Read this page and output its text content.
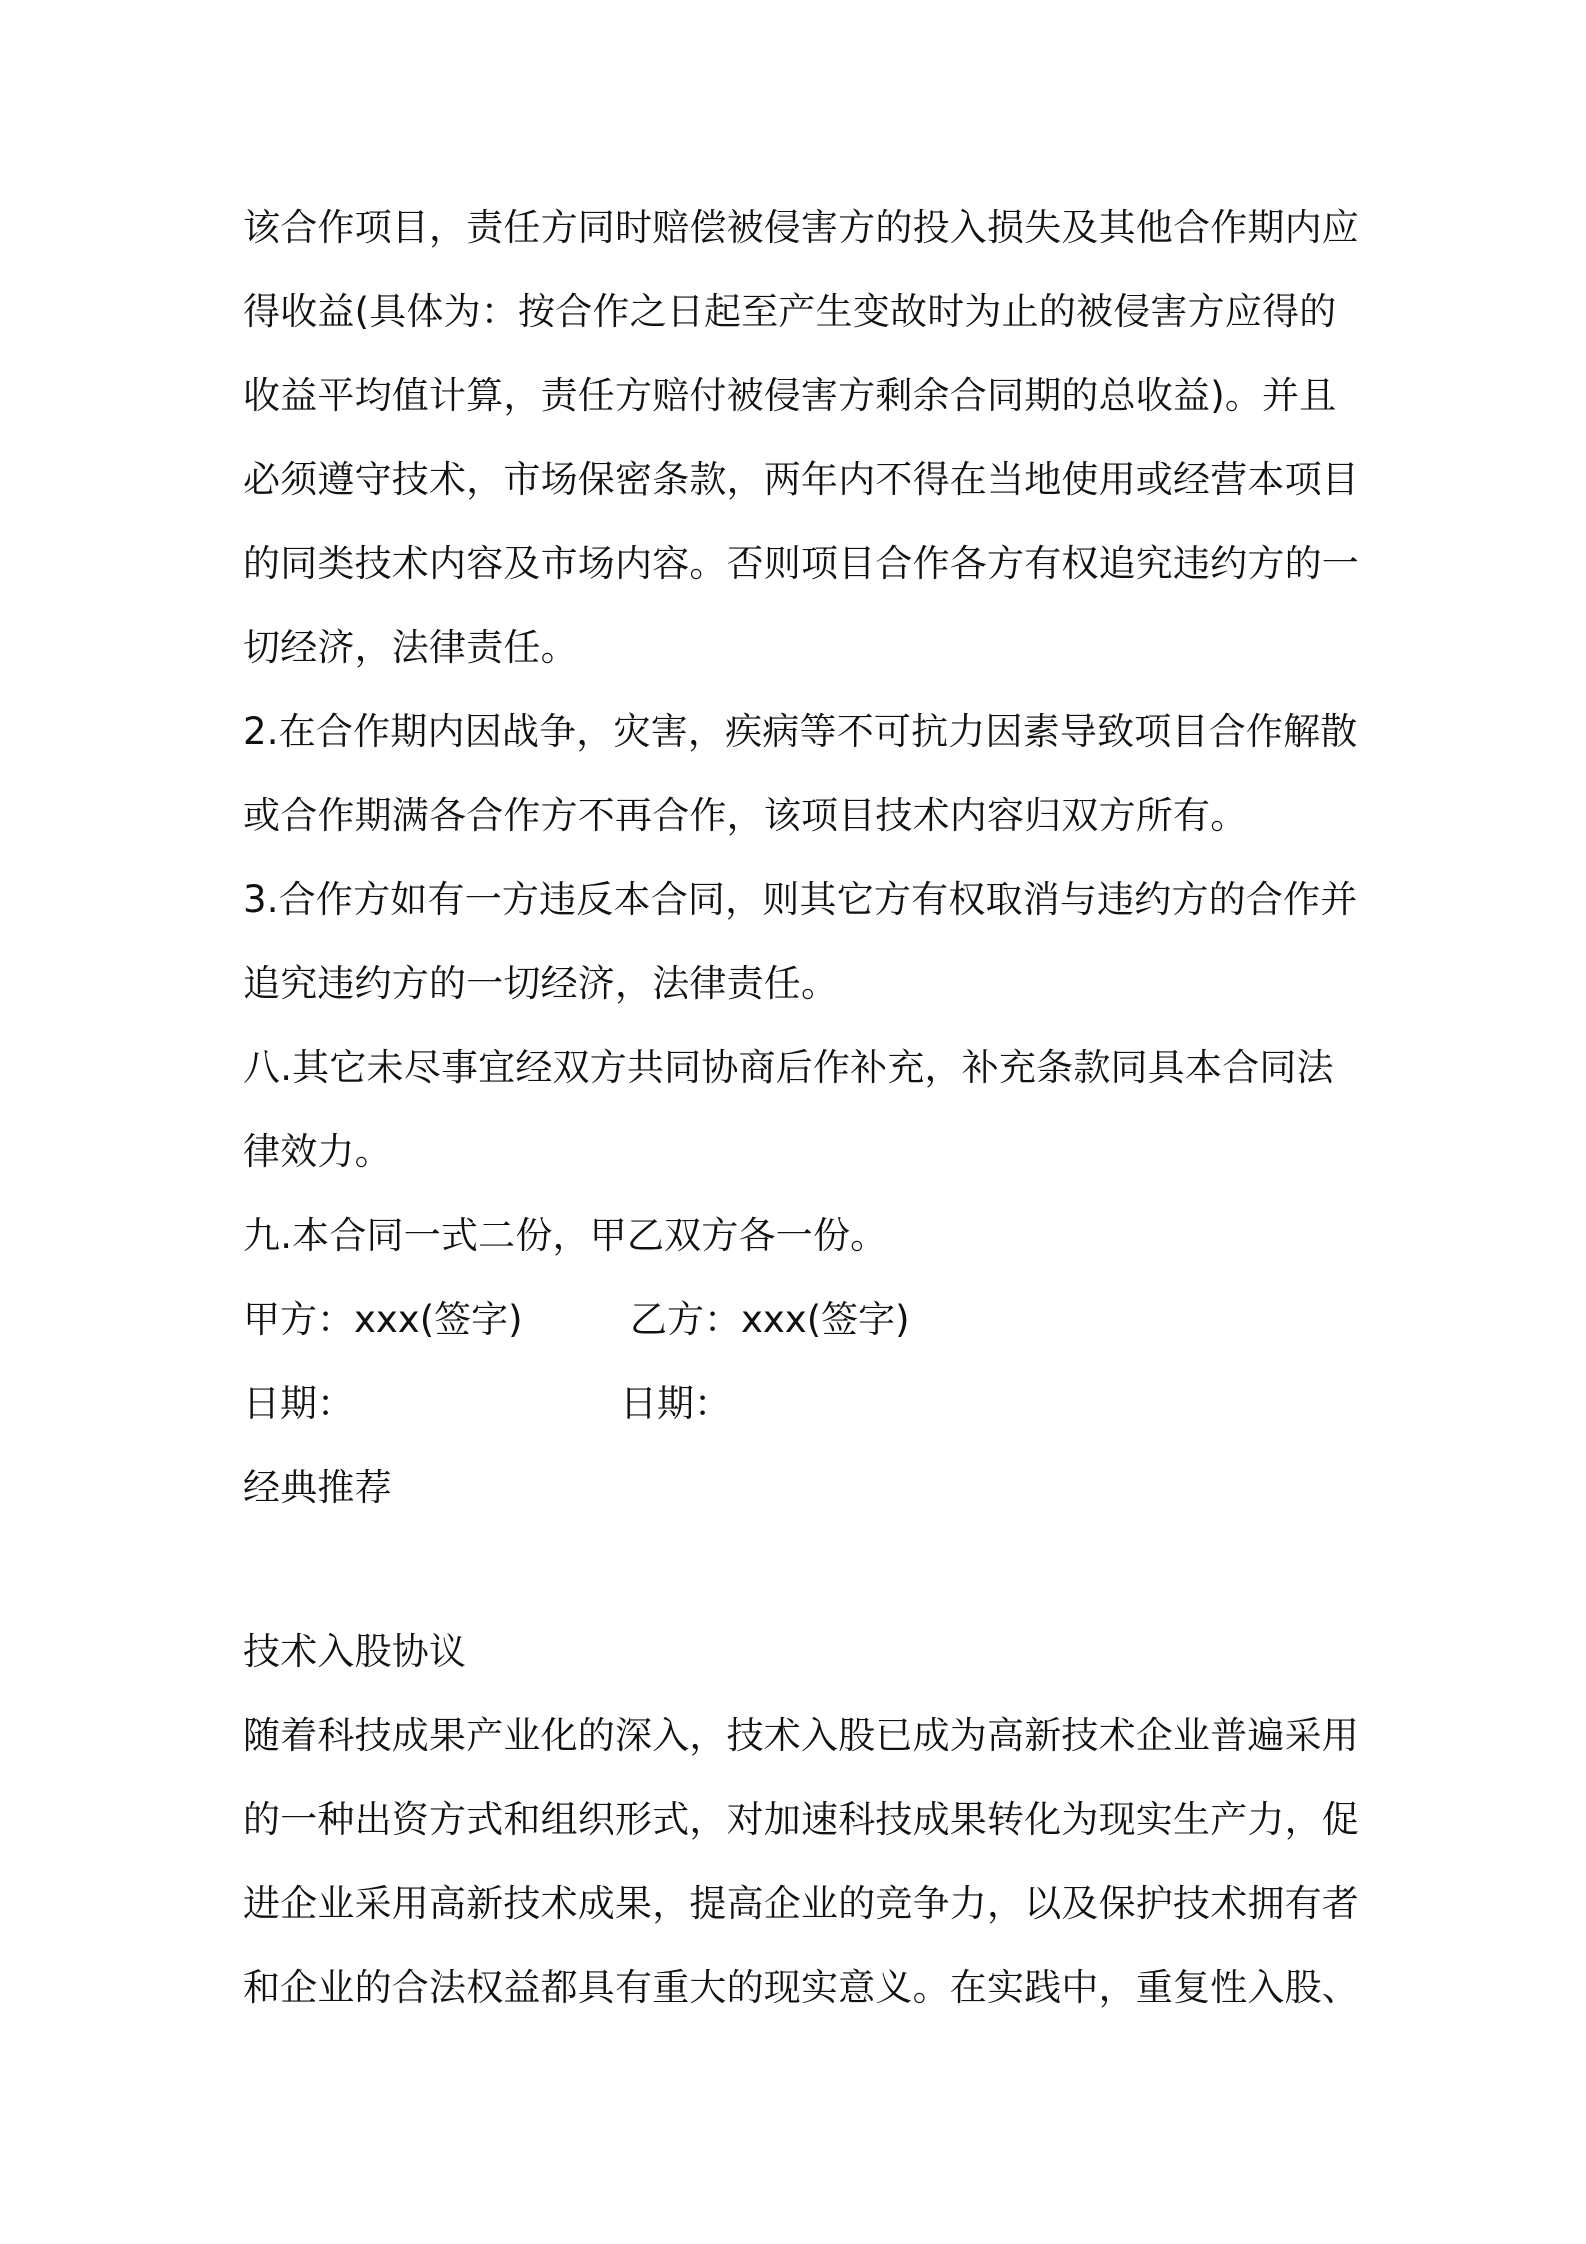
该合作项目，责任方同时赔偿被侵害方的投入损失及其他合作期内应
得收益(具体为：按合作之日起至产生变故时为止的被侵害方应得的
收益平均值计算，责任方赔付被侵害方剩余合同期的总收益)。并且
必须遵守技术，市场保密条款，两年内不得在当地使用或经营本项目
的同类技术内容及市场内容。否则项目合作各方有权追究违约方的一
切经济，法律责任。
2.在合作期内因战争，灾害，疾病等不可抗力因素导致项目合作解散
或合作期满各合作方不再合作，该项目技术内容归双方所有。
3.合作方如有一方违反本合同，则其它方有权取消与违约方的合作并
追究违约方的一切经济，法律责任。
八.其它未尽事宜经双方共同协商后作补充，补充条款同具本合同法
律效力。
九.本合同一式二份，甲乙双方各一份。
甲方：xxx(签字)	乙方：xxx(签字)
日期：	日期：
经典推荐
技术入股协议
随着科技成果产业化的深入，技术入股已成为高新技术企业普遍采用
的一种出资方式和组织形式，对加速科技成果转化为现实生产力，促
进企业采用高新技术成果，提高企业的竞争力，以及保护技术拥有者
和企业的合法权益都具有重大的现实意义。在实践中，重复性入股、
